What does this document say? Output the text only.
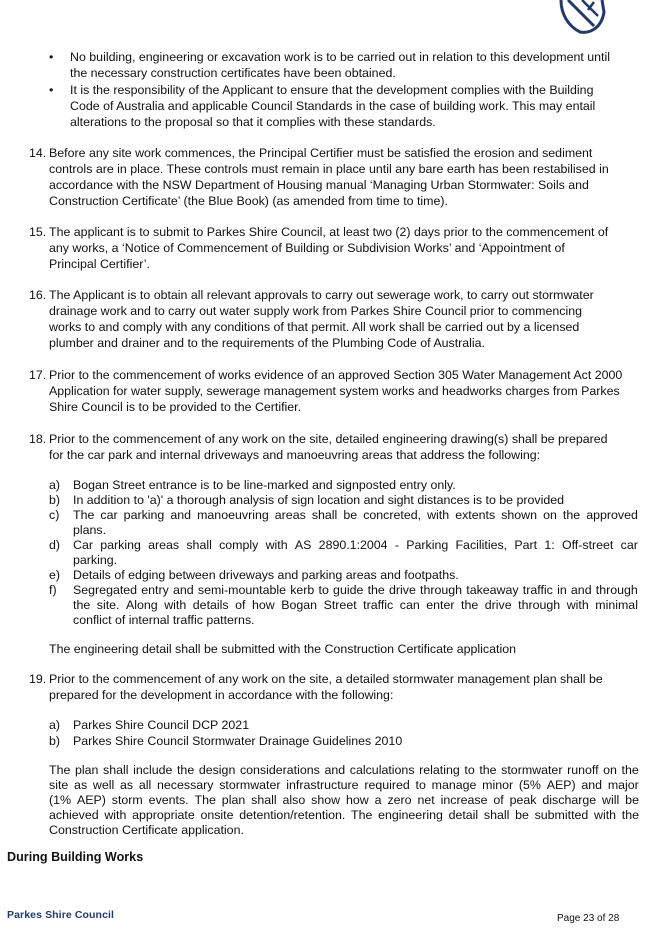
• No building, engineering or excavation work is to be carried out in relation to this development until
the necessary construction certificates have been obtained.
• It is the responsibility of the Applicant to ensure that the development complies with the Building
Code of Australia and applicable Council Standards in the case of building work. This may entail
alterations to the proposal so that it complies with these standards.
14. Before any site work commences, the Principal Certifier must be satisfied the erosion and sediment
controls are in place. These controls must remain in place until any bare earth has been restabilised in
accordance with the NSW Department of Housing manual ‘Managing Urban Stormwater: Soils and
Construction Certificate’ (the Blue Book) (as amended from time to time).
15. The applicant is to submit to Parkes Shire Council, at least two (2) days prior to the commencement of
any works, a ‘Notice of Commencement of Building or Subdivision Works’ and ‘Appointment of
Principal Certifier’.
16. The Applicant is to obtain all relevant approvals to carry out sewerage work, to carry out stormwater
drainage work and to carry out water supply work from Parkes Shire Council prior to commencing
works to and comply with any conditions of that permit. All work shall be carried out by a licensed
plumber and drainer and to the requirements of the Plumbing Code of Australia.
17. Prior to the commencement of works evidence of an approved Section 305 Water Management Act 2000
Application for water supply, sewerage management system works and headworks charges from Parkes
Shire Council is to be provided to the Certifier.
18. Prior to the commencement of any work on the site, detailed engineering drawing(s) shall be prepared
for the car park and internal driveways and manoeuvring areas that address the following:
a)	Bogan Street entrance is to be line-marked and signposted entry only.
b)	In addition to 'a)' a thorough analysis of sign location and sight distances is to be provided
c)	The car parking and manoeuvring areas shall be concreted, with extents shown on the approved
plans.
d)	Car parking areas shall comply with AS 2890.1:2004 - Parking Facilities, Part 1: Off-street car
parking.
e)	Details of edging between driveways and parking areas and footpaths.
f)	Segregated entry and semi-mountable kerb to guide the drive through takeaway traffic in and through
the site. Along with details of how Bogan Street traffic can enter the drive through with minimal
conflict of internal traffic patterns.
The engineering detail shall be submitted with the Construction Certificate application
19. Prior to the commencement of any work on the site, a detailed stormwater management plan shall be
prepared for the development in accordance with the following:
a)	Parkes Shire Council DCP 2021
b)	Parkes Shire Council Stormwater Drainage Guidelines 2010
The plan shall include the design considerations and calculations relating to the stormwater runoff on the
site as well as all necessary stormwater infrastructure required to manage minor (5% AEP) and major
(1% AEP) storm events. The plan shall also show how a zero net increase of peak discharge will be
achieved with appropriate onsite detention/retention. The engineering detail shall be submitted with the
Construction Certificate application.
During Building Works
Parkes Shire Council	Page 23 of 28
